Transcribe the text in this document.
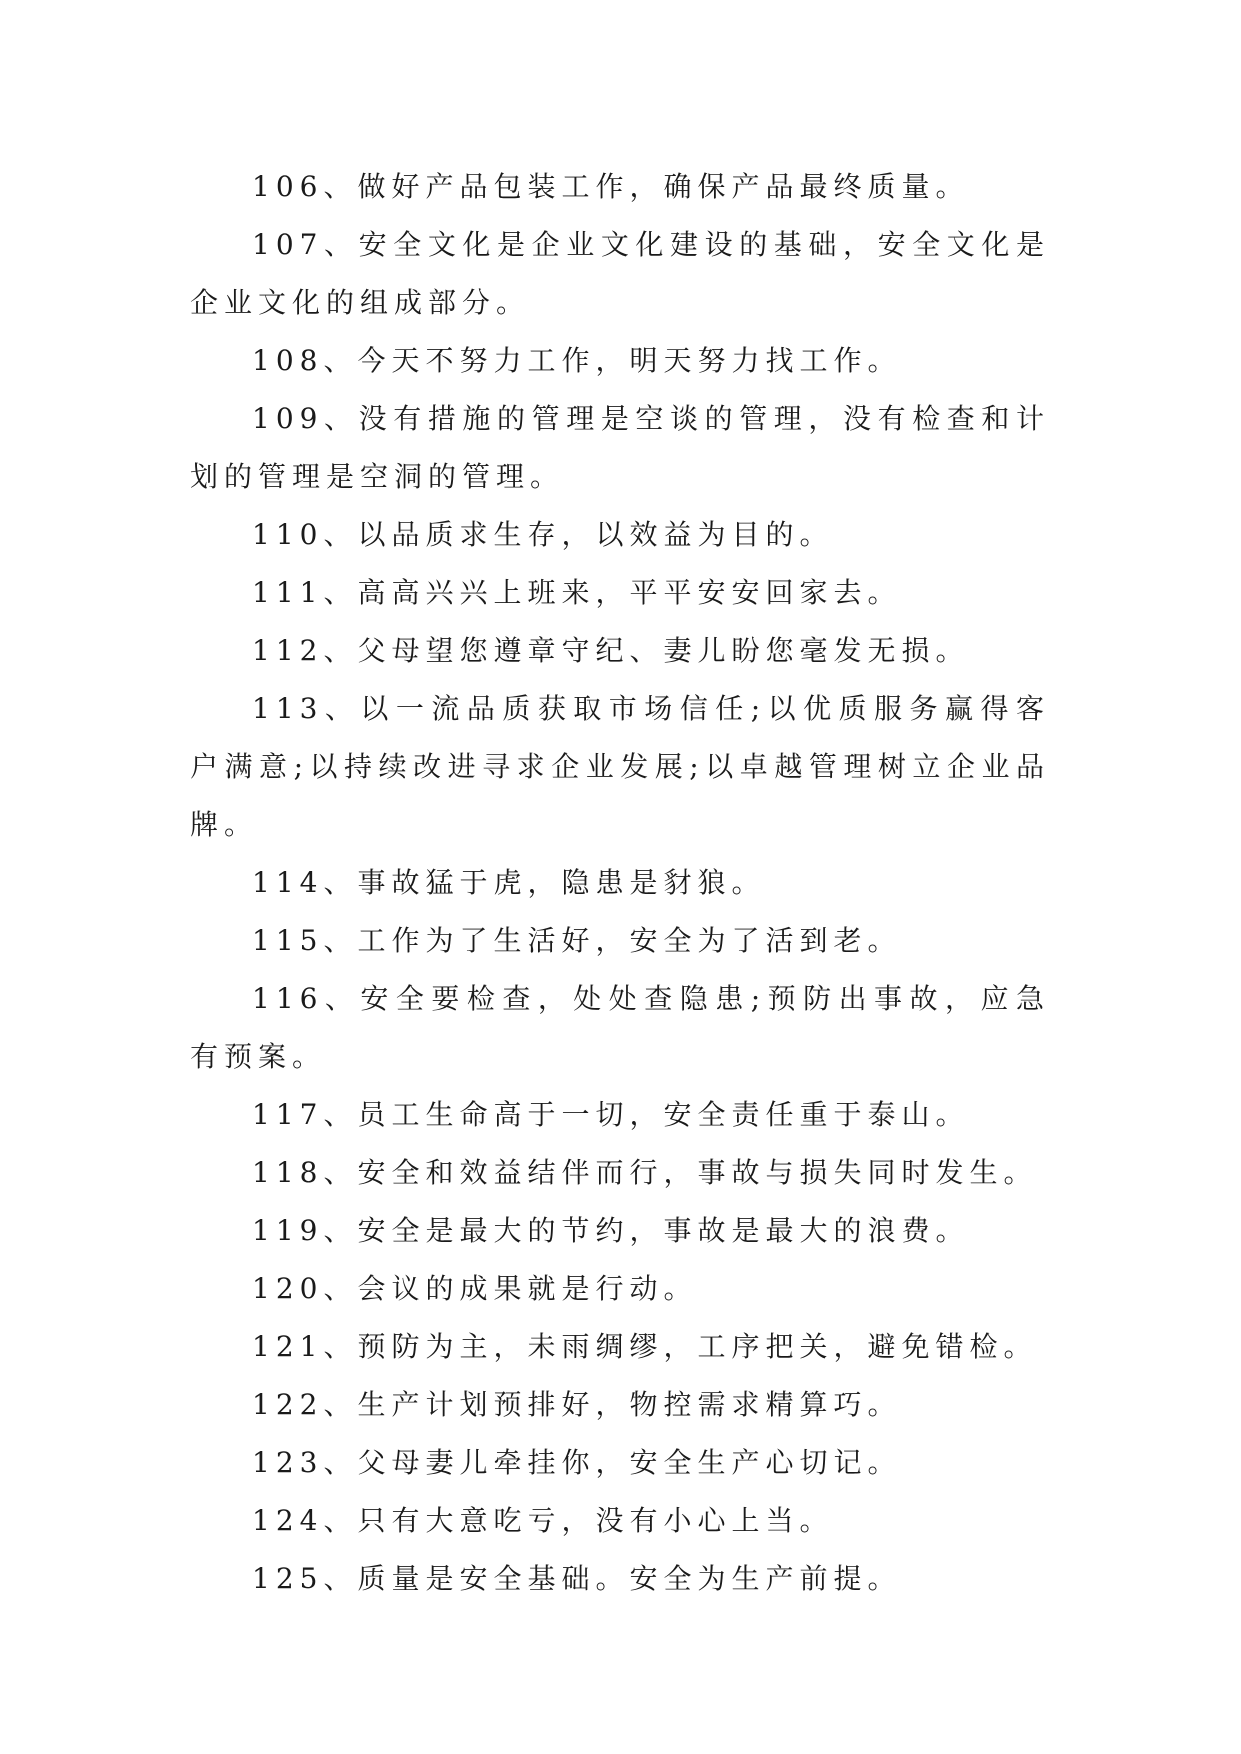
106、做好产品包装工作，确保产品最终质量。

107、安全文化是企业文化建设的基础，安全文化是企业文化的组成部分。

108、今天不努力工作，明天努力找工作。

109、没有措施的管理是空谈的管理，没有检查和计划的管理是空洞的管理。

110、以品质求生存，以效益为目的。

111、高高兴兴上班来，平平安安回家去。

112、父母望您遵章守纪、妻儿盼您毫发无损。

113、以一流品质获取市场信任;以优质服务赢得客户满意;以持续改进寻求企业发展;以卓越管理树立企业品牌。

114、事故猛于虎，隐患是豺狼。

115、工作为了生活好，安全为了活到老。

116、安全要检查，处处查隐患;预防出事故，应急有预案。

117、员工生命高于一切，安全责任重于泰山。

118、安全和效益结伴而行，事故与损失同时发生。

119、安全是最大的节约，事故是最大的浪费。

120、会议的成果就是行动。

121、预防为主，未雨绸缪，工序把关，避免错检。

122、生产计划预排好，物控需求精算巧。

123、父母妻儿牵挂你，安全生产心切记。

124、只有大意吃亏，没有小心上当。

125、质量是安全基础。安全为生产前提。
